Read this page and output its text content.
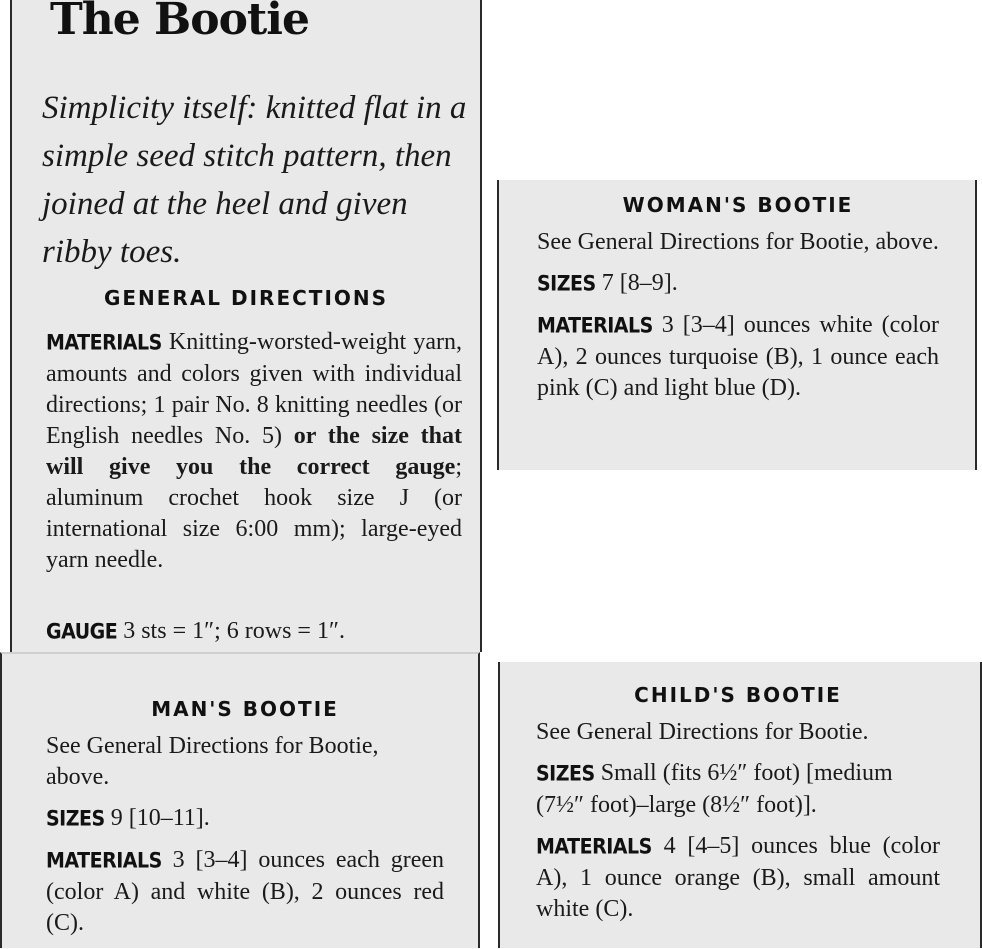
The Bootie

Simplicity itself: knitted flat in a simple seed stitch pattern, then joined at the heel and given ribby toes.

GENERAL DIRECTIONS

MATERIALS Knitting-worsted-weight yarn, amounts and colors given with individual directions; 1 pair No. 8 knitting needles (or English needles No. 5) or the size that will give you the correct gauge; aluminum crochet hook size J (or international size 6:00 mm); large-eyed yarn needle.

GAUGE 3 sts = 1″; 6 rows = 1″.
WOMAN'S BOOTIE

See General Directions for Bootie, above.

SIZES 7 [8–9].

MATERIALS 3 [3–4] ounces white (color A), 2 ounces turquoise (B), 1 ounce each pink (C) and light blue (D).

MAN'S BOOTIE

See General Directions for Bootie, above.

SIZES 9 [10–11].

MATERIALS 3 [3–4] ounces each green (color A) and white (B), 2 ounces red (C).

CHILD'S BOOTIE

See General Directions for Bootie.

SIZES Small (fits 6½″ foot) [medium (7½″ foot)–large (8½″ foot)].

MATERIALS 4 [4–5] ounces blue (color A), 1 ounce orange (B), small amount white (C).
